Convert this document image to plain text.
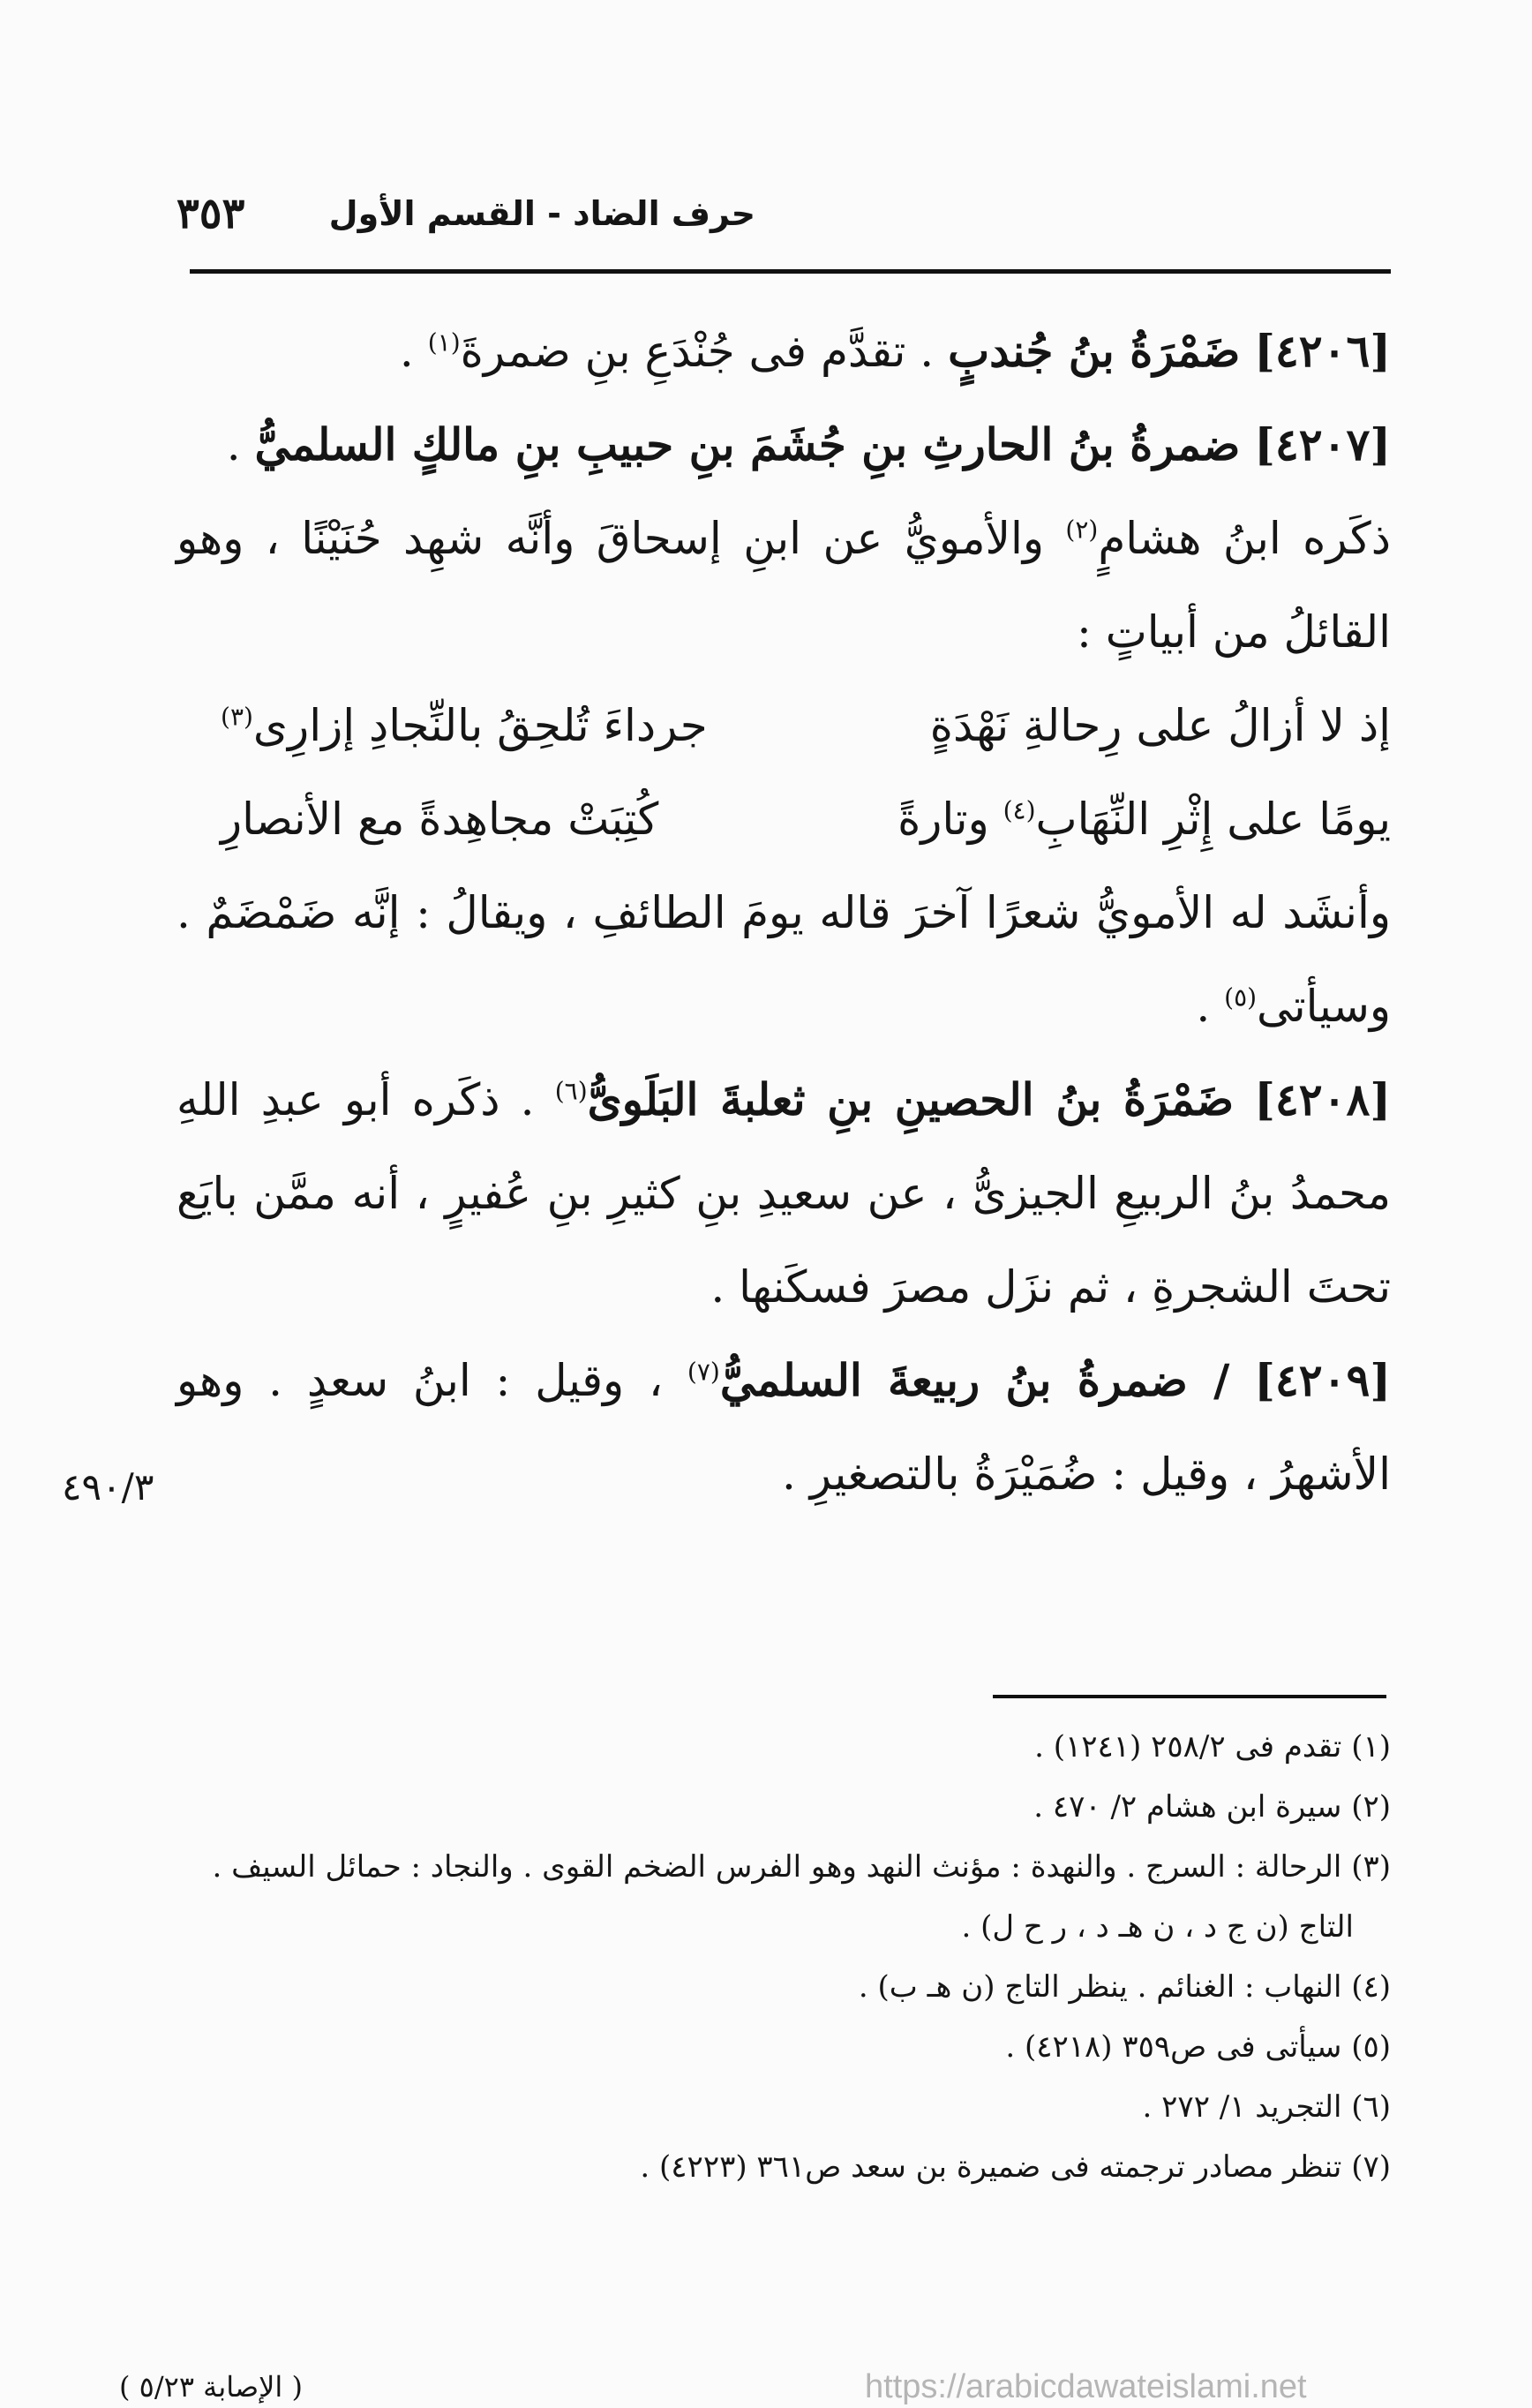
حرف الضاد - القسم الأول
٣٥٣

[٤٢٠٦] ضَمْرَةُ بنُ جُندبٍ . تقدَّم فى جُنْدَعِ بنِ ضمرةَ$^{(١)}$ .

[٤٢٠٧] ضمرةُ بنُ الحارثِ بنِ جُشَمَ بنِ حبيبِ بنِ مالكٍ السلميُّ .

ذكَره ابنُ هشامٍ$^{(٢)}$ والأمويُّ عن ابنِ إسحاقَ وأنَّه شهِد حُنَيْنًا ، وهو القائلُ من أبياتٍ :

إذ لا أزالُ على رِحالةِ نَهْدَةٍ
جرداءَ تُلحِقُ بالنِّجادِ إزارِى$^{(٣)}$
يومًا على إِثْرِ النِّهَابِ$^{(٤)}$ وتارةً
كُتِبَتْ مجاهِدةً مع الأنصارِ

وأنشَد له الأمويُّ شعرًا آخرَ قاله يومَ الطائفِ ، ويقالُ : إنَّه ضَمْضَمٌ . وسيأتى$^{(٥)}$ .

[٤٢٠٨] ضَمْرَةُ بنُ الحصينِ بنِ ثعلبةَ البَلَوىُّ$^{(٦)}$ . ذكَره أبو عبدِ اللهِ محمدُ بنُ الربيعِ الجيزىُّ ، عن سعيدِ بنِ كثيرِ بنِ عُفيرٍ ، أنه ممَّن بايَع تحتَ الشجرةِ ، ثم نزَل مصرَ فسكَنها .

[٤٢٠٩] / ضمرةُ بنُ ربيعةَ السلميُّ$^{(٧)}$ ، وقيل : ابنُ سعدٍ . وهو الأشهرُ ، وقيل : ضُمَيْرَةُ بالتصغيرِ .

٤٩٠/٣

(١) تقدم فى ٢٥٨/٢ (١٢٤١) .

(٢) سيرة ابن هشام ٢/ ٤٧٠ .

(٣) الرحالة : السرج . والنهدة : مؤنث النهد وهو الفرس الضخم القوى . والنجاد : حمائل السيف .

التاج (ن ج د ، ن هـ د ، ر ح ل) .

(٤) النهاب : الغنائم . ينظر التاج (ن هـ ب) .

(٥) سيأتى فى ص٣٥٩ (٤٢١٨) .

(٦) التجريد ١/ ٢٧٢ .

(٧) تنظر مصادر ترجمته فى ضميرة بن سعد ص٣٦١ (٤٢٢٣) .

( الإصابة ٥/٢٣ )	https://arabicdawateislami.net
